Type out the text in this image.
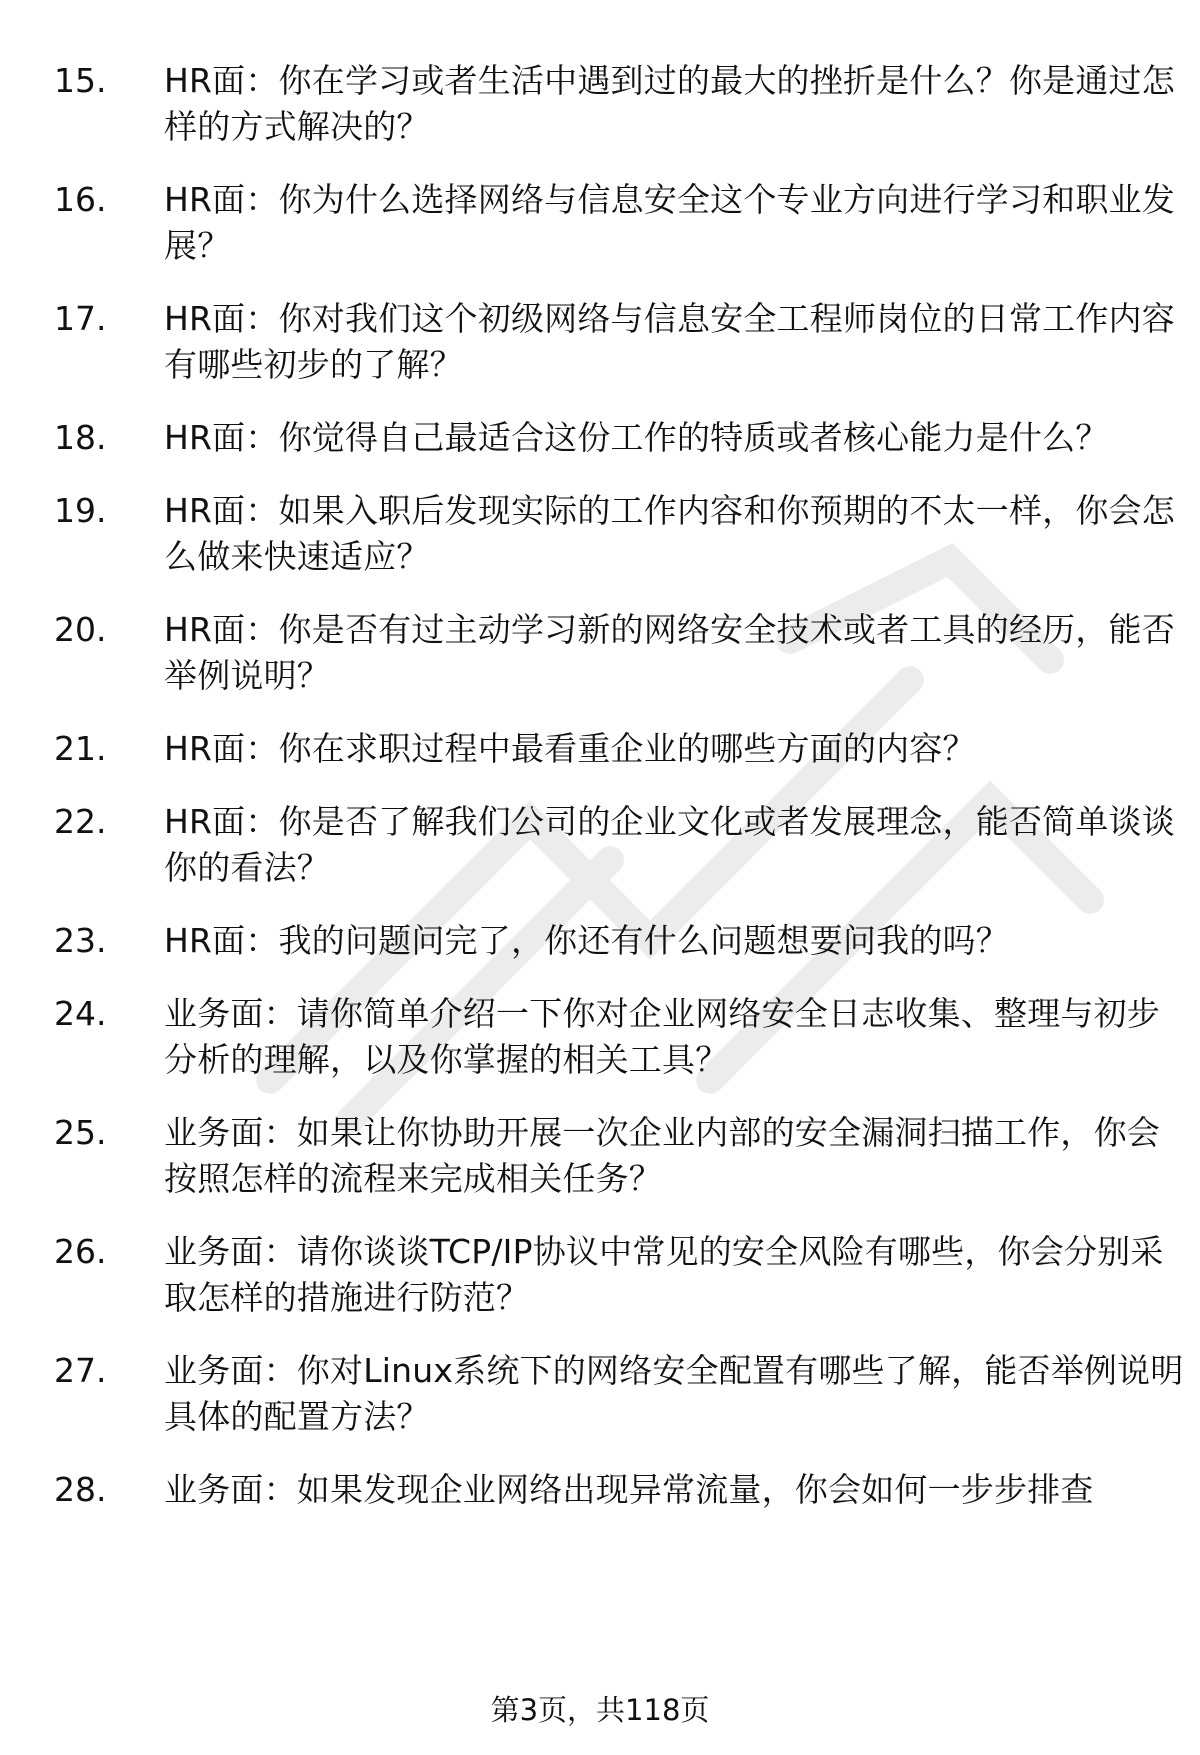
15.	HR面：你在学习或者生活中遇到过的最大的挫折是什么？你是通过怎样的方式解决的？
16.	HR面：你为什么选择网络与信息安全这个专业方向进行学习和职业发展？
17.	HR面：你对我们这个初级网络与信息安全工程师岗位的日常工作内容有哪些初步的了解？
18.	HR面：你觉得自己最适合这份工作的特质或者核心能力是什么？
19.	HR面：如果入职后发现实际的工作内容和你预期的不太一样，你会怎么做来快速适应？
20.	HR面：你是否有过主动学习新的网络安全技术或者工具的经历，能否举例说明？
21.	HR面：你在求职过程中最看重企业的哪些方面的内容？
22.	HR面：你是否了解我们公司的企业文化或者发展理念，能否简单谈谈你的看法？
23.	HR面：我的问题问完了，你还有什么问题想要问我的吗？
24.	业务面：请你简单介绍一下你对企业网络安全日志收集、整理与初步分析的理解，以及你掌握的相关工具？
25.	业务面：如果让你协助开展一次企业内部的安全漏洞扫描工作，你会按照怎样的流程来完成相关任务？
26.	业务面：请你谈谈TCP/IP协议中常见的安全风险有哪些，你会分别采取怎样的措施进行防范？
27.	业务面：你对Linux系统下的网络安全配置有哪些了解，能否举例说明具体的配置方法？
28.	业务面：如果发现企业网络出现异常流量，你会如何一步步排查
第3页，共118页
